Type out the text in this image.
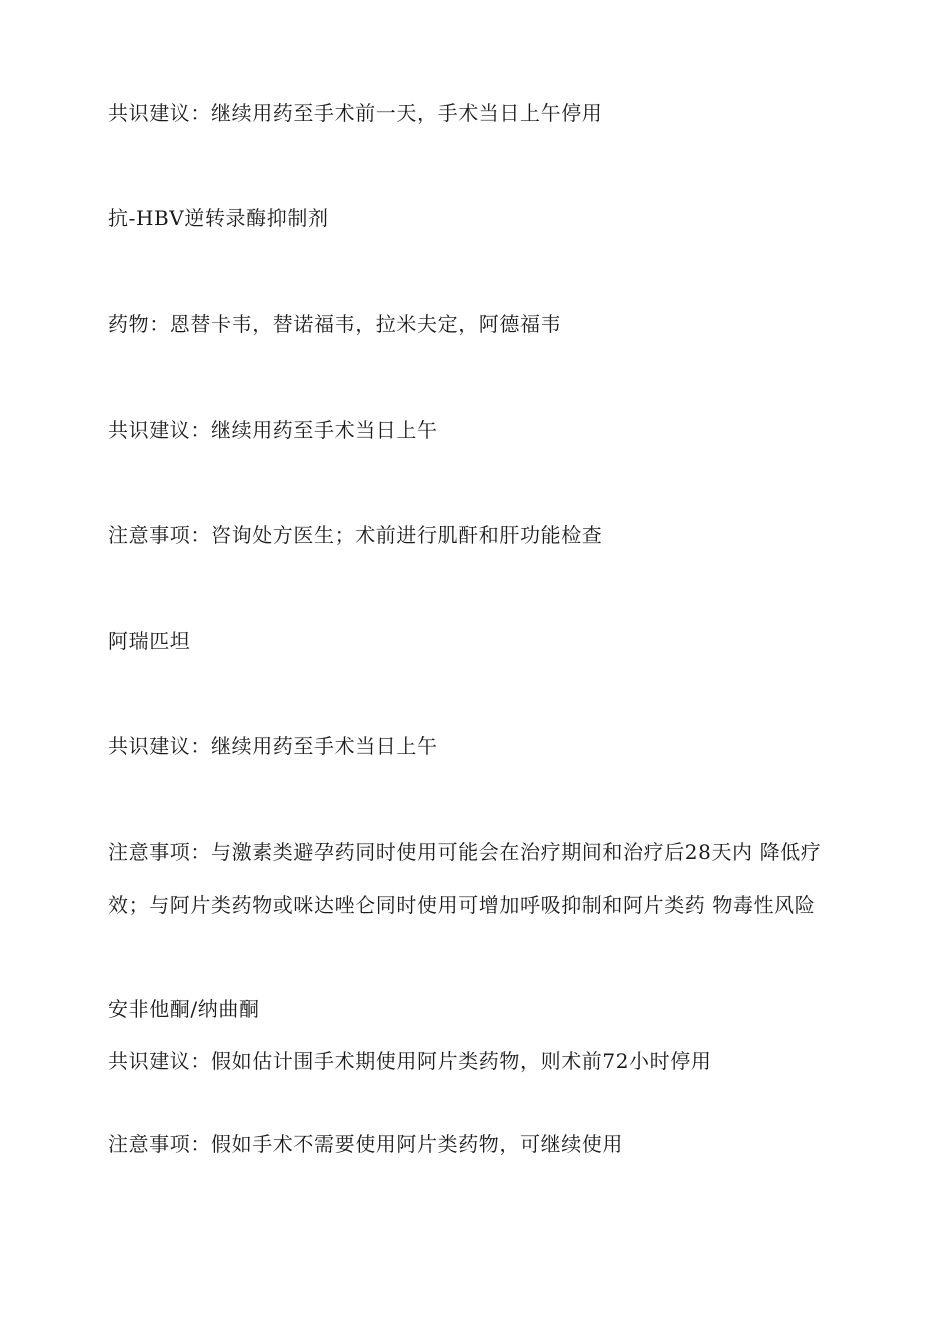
共识建议：继续用药至手术前一天，手术当日上午停用
抗-HBV逆转录酶抑制剂
药物：恩替卡韦，替诺福韦，拉米夫定，阿德福韦
共识建议：继续用药至手术当日上午
注意事项：咨询处方医生；术前进行肌酐和肝功能检查
阿瑞匹坦
共识建议：继续用药至手术当日上午
注意事项：与激素类避孕药同时使用可能会在治疗期间和治疗后28天内 降低疗
效；与阿片类药物或咪达唑仑同时使用可增加呼吸抑制和阿片类药 物毒性风险
安非他酮/纳曲酮
共识建议：假如估计围手术期使用阿片类药物，则术前72小时停用
注意事项：假如手术不需要使用阿片类药物，可继续使用
